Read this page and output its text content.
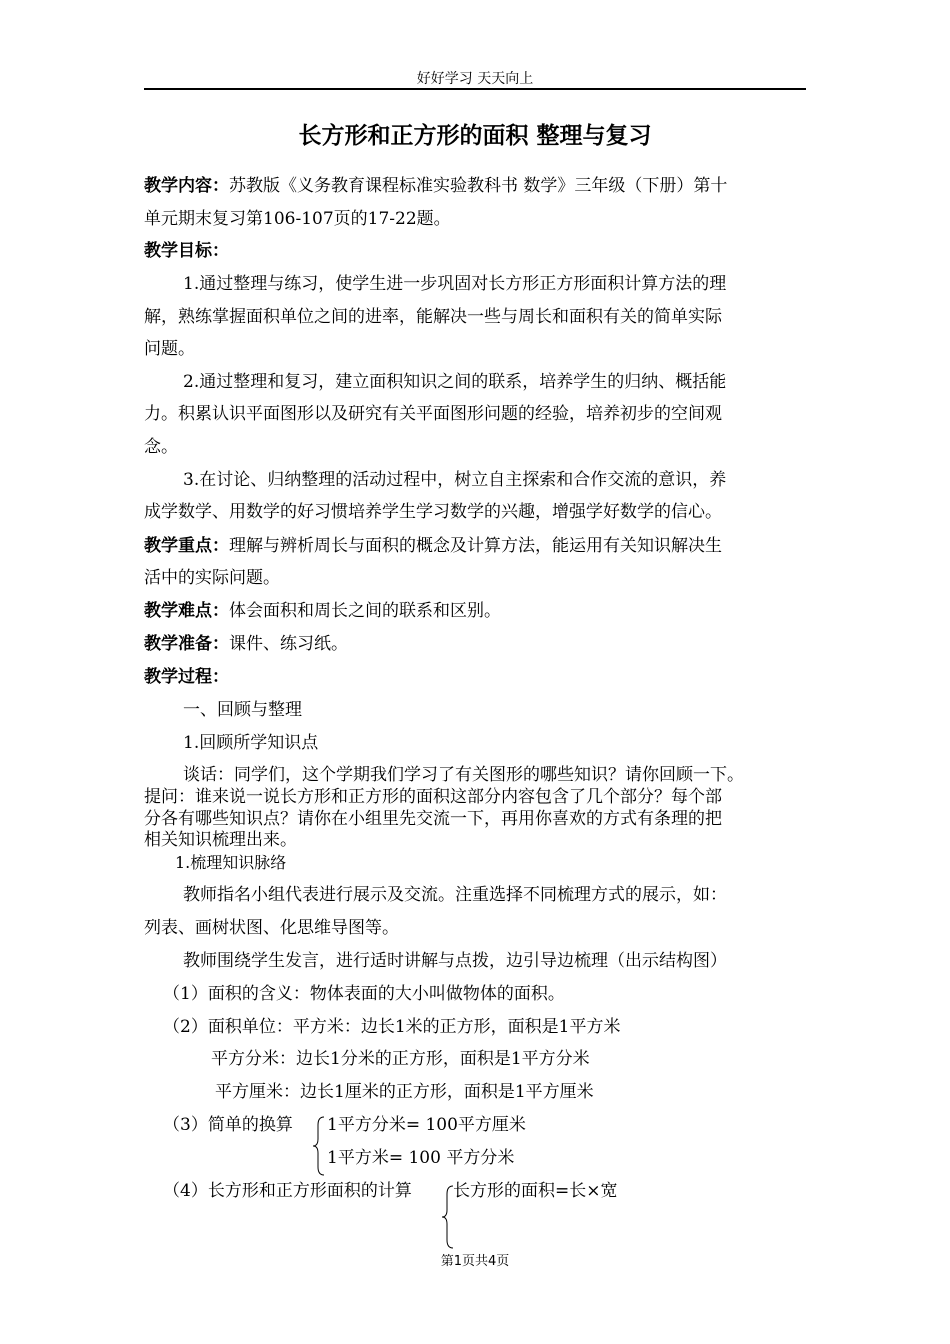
好好学习 天天向上
长方形和正方形的面积 整理与复习
教学内容：苏教版《义务教育课程标准实验教科书 数学》三年级（下册）第十
单元期末复习第106-107页的17-22题。
教学目标：
1.通过整理与练习，使学生进一步巩固对长方形正方形面积计算方法的理
解，熟练掌握面积单位之间的进率，能解决一些与周长和面积有关的简单实际
问题。
2.通过整理和复习，建立面积知识之间的联系，培养学生的归纳、概括能
力。积累认识平面图形以及研究有关平面图形问题的经验，培养初步的空间观
念。
3.在讨论、归纳整理的活动过程中，树立自主探索和合作交流的意识，养
成学数学、用数学的好习惯培养学生学习数学的兴趣，增强学好数学的信心。
教学重点：理解与辨析周长与面积的概念及计算方法，能运用有关知识解决生
活中的实际问题。
教学难点：体会面积和周长之间的联系和区别。
教学准备：课件、练习纸。
教学过程：
一、回顾与整理
1.回顾所学知识点
谈话：同学们，这个学期我们学习了有关图形的哪些知识？请你回顾一下。
提问：谁来说一说长方形和正方形的面积这部分内容包含了几个部分？每个部
分各有哪些知识点？请你在小组里先交流一下，再用你喜欢的方式有条理的把
相关知识梳理出来。
1.梳理知识脉络
教师指名小组代表进行展示及交流。注重选择不同梳理方式的展示，如：
列表、画树状图、化思维导图等。
教师围绕学生发言，进行适时讲解与点拨，边引导边梳理（出示结构图）
（1）面积的含义：物体表面的大小叫做物体的面积。
（2）面积单位：平方米：边长1米的正方形，面积是1平方米
平方分米：边长1分米的正方形，面积是1平方分米
平方厘米：边长1厘米的正方形，面积是1平方厘米
（3）简单的换算 1平方分米= 100平方厘米
1平方米= 100 平方分米
（4）长方形和正方形面积的计算 长方形的面积=长×宽
第1页共4页
